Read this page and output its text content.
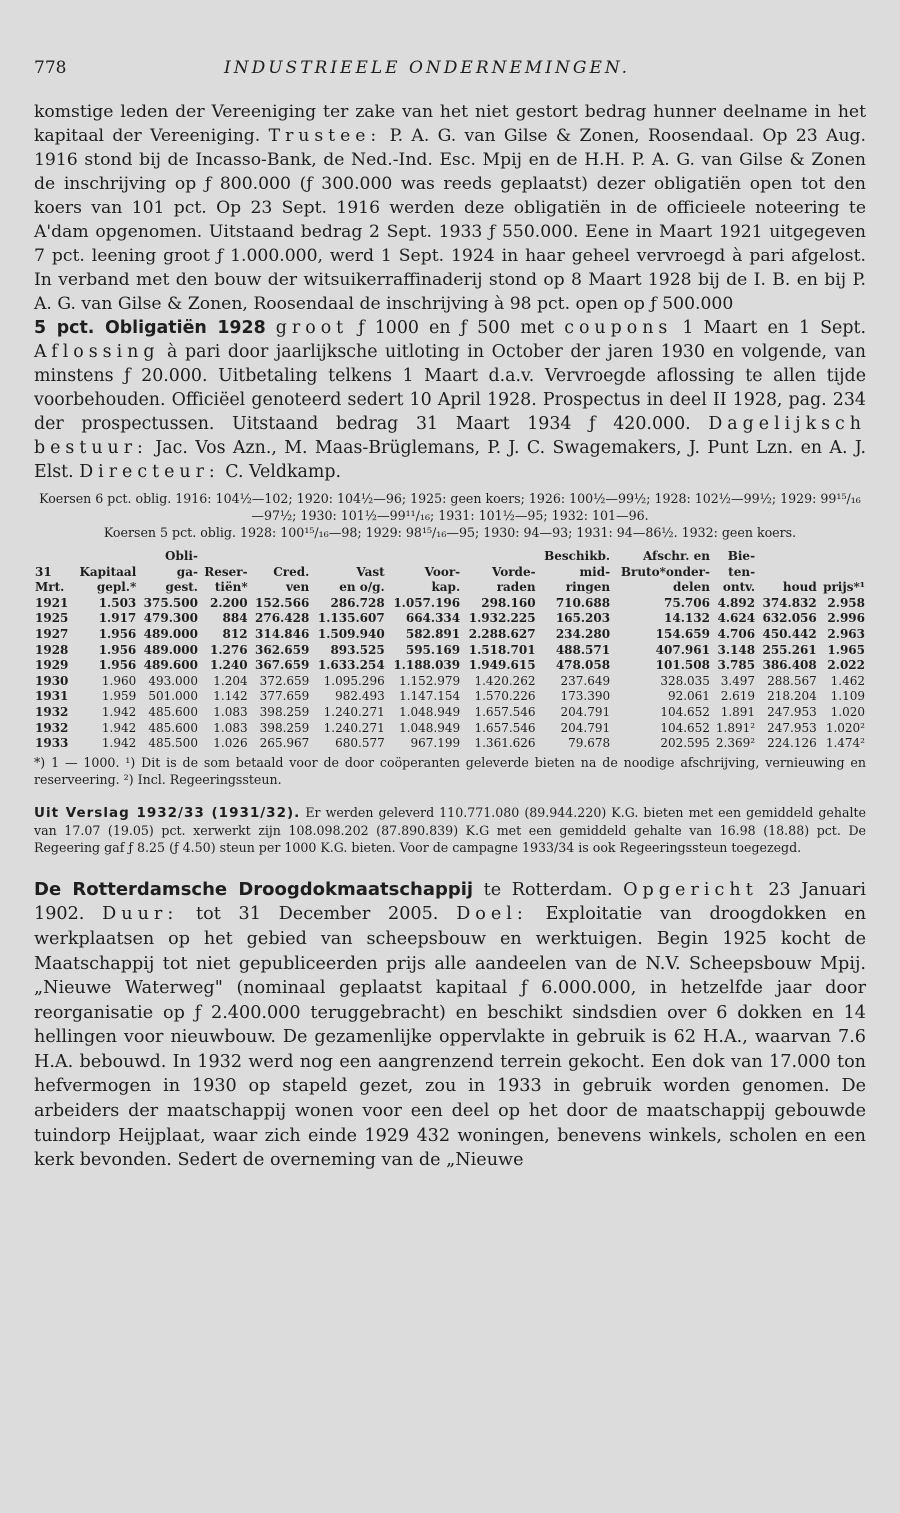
778	INDUSTRIEELE ONDERNEMINGEN.

komstige leden der Vereeniging ter zake van het niet gestort bedrag hunner deelname in het kapitaal der Vereeniging. Trustee: P. A. G. van Gilse & Zonen, Roosendaal. Op 23 Aug. 1916 stond bij de Incasso-Bank, de Ned.-Ind. Esc. Mpij en de H.H. P. A. G. van Gilse & Zonen de inschrijving op ƒ 800.000 (ƒ 300.000 was reeds geplaatst) dezer obligatiën open tot den koers van 101 pct. Op 23 Sept. 1916 werden deze obligatiën in de officieele noteering te A'dam opgenomen. Uitstaand bedrag 2 Sept. 1933 ƒ 550.000. Eene in Maart 1921 uitgegeven 7 pct. leening groot ƒ 1.000.000, werd 1 Sept. 1924 in haar geheel vervroegd à pari afgelost. In verband met den bouw der witsuikerraffinaderij stond op 8 Maart 1928 bij de I. B. en bij P. A. G. van Gilse & Zonen, Roosendaal de inschrijving à 98 pct. open op ƒ 500.000

5 pct. Obligatiën 1928 groot ƒ 1000 en ƒ 500 met coupons 1 Maart en 1 Sept. Aflossing à pari door jaarlijksche uitloting in October der jaren 1930 en volgende, van minstens ƒ 20.000. Uitbetaling telkens 1 Maart d.a.v. Vervroegde aflossing te allen tijde voorbehouden. Officiëel genoteerd sedert 10 April 1928. Prospectus in deel II 1928, pag. 234 der prospectussen. Uitstaand bedrag 31 Maart 1934 ƒ 420.000. Dagelijksch bestuur: Jac. Vos Azn., M. Maas-Brüglemans, P. J. C. Swagemakers, J. Punt Lzn. en A. J. Elst. Directeur: C. Veldkamp.

Koersen 6 pct. oblig. 1916: 104½—102; 1920: 104½—96; 1925: geen koers; 1926: 100½—99½; 1928: 102½—99½; 1929: 99¹⁵/₁₆—97½; 1930: 101½—99¹¹/₁₆; 1931: 101½—95; 1932: 101—96.

Koersen 5 pct. oblig. 1928: 100¹⁵/₁₆—98; 1929: 98¹⁵/₁₆—95; 1930: 94—93; 1931: 94—86½. 1932: geen koers.

		Obli-						Beschikb.	Afschr. en	Bie-		
31	Kapitaal	ga-	Reser-	Cred.	Vast	Voor-	Vorde-	mid-	Bruto*onder-	ten-		
Mrt.	gepl.*	gest.	tiën*	ven	en o/g.	kap.	raden	ringen	delen	ontv.	houd	prijs*¹
1921	1.503	375.500	2.200	152.566	286.728	1.057.196	298.160	710.688	75.706	4.892	374.832	2.958
1925	1.917	479.300	884	276.428	1.135.607	664.334	1.932.225	165.203	14.132	4.624	632.056	2.996
1927	1.956	489.000	812	314.846	1.509.940	582.891	2.288.627	234.280	154.659	4.706	450.442	2.963
1928	1.956	489.000	1.276	362.659	893.525	595.169	1.518.701	488.571	407.961	3.148	255.261	1.965
1929	1.956	489.600	1.240	367.659	1.633.254	1.188.039	1.949.615	478.058	101.508	3.785	386.408	2.022
1930	1.960	493.000	1.204	372.659	1.095.296	1.152.979	1.420.262	237.649	328.035	3.497	288.567	1.462
1931	1.959	501.000	1.142	377.659	982.493	1.147.154	1.570.226	173.390	92.061	2.619	218.204	1.109
1932	1.942	485.600	1.083	398.259	1.240.271	1.048.949	1.657.546	204.791	104.652	1.891	247.953	1.020
1932	1.942	485.600	1.083	398.259	1.240.271	1.048.949	1.657.546	204.791	104.652	1.891²	247.953	1.020²
1933	1.942	485.500	1.026	265.967	680.577	967.199	1.361.626	79.678	202.595	2.369²	224.126	1.474²

*) 1 — 1000. ¹) Dit is de som betaald voor de door coöperanten geleverde bieten na de noodige afschrijving, vernieuwing en reserveering. ²) Incl. Regeeringssteun.

Uit Verslag 1932/33 (1931/32). Er werden geleverd 110.771.080 (89.944.220) K.G. bieten met een gemiddeld gehalte van 17.07 (19.05) pct. xerwerkt zijn 108.098.202 (87.890.839) K.G met een gemiddeld gehalte van 16.98 (18.88) pct. De Regeering gaf ƒ 8.25 (ƒ 4.50) steun per 1000 K.G. bieten. Voor de campagne 1933/34 is ook Regeeringssteun toegezegd.

De Rotterdamsche Droogdokmaatschappij te Rotterdam. Opgericht 23 Januari 1902. Duur: tot 31 December 2005. Doel: Exploitatie van droogdokken en werkplaatsen op het gebied van scheepsbouw en werktuigen. Begin 1925 kocht de Maatschappij tot niet gepubliceerden prijs alle aandeelen van de N.V. Scheepsbouw Mpij. „Nieuwe Waterweg" (nominaal geplaatst kapitaal ƒ 6.000.000, in hetzelfde jaar door reorganisatie op ƒ 2.400.000 teruggebracht) en beschikt sindsdien over 6 dokken en 14 hellingen voor nieuwbouw. De gezamenlijke oppervlakte in gebruik is 62 H.A., waarvan 7.6 H.A. bebouwd. In 1932 werd nog een aangrenzend terrein gekocht. Een dok van 17.000 ton hefvermogen in 1930 op stapeld gezet, zou in 1933 in gebruik worden genomen. De arbeiders der maatschappij wonen voor een deel op het door de maatschappij gebouwde tuindorp Heijplaat, waar zich einde 1929 432 woningen, benevens winkels, scholen en een kerk bevonden. Sedert de overneming van de „Nieuwe
